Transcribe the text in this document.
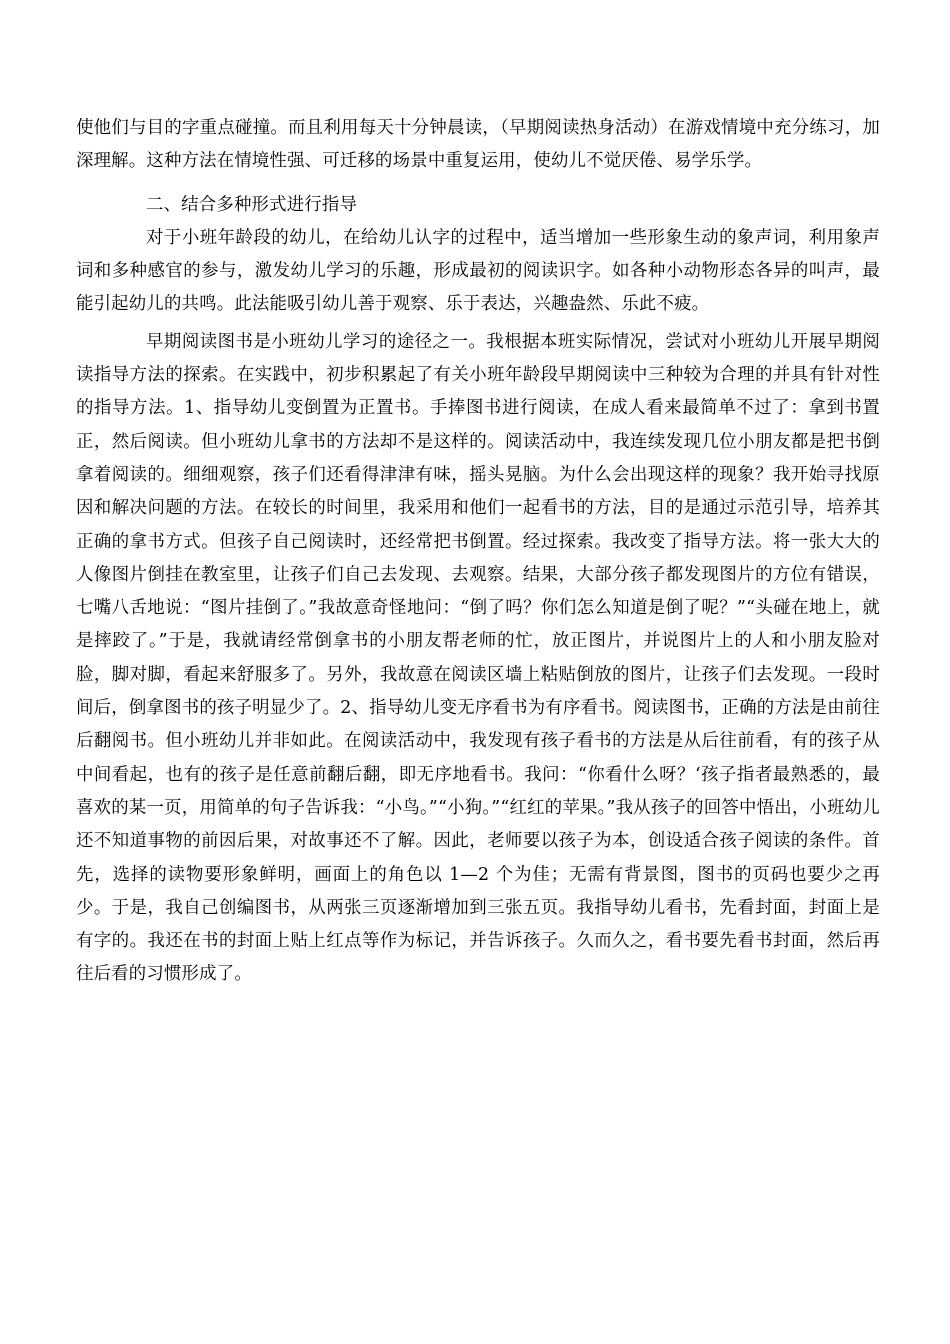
使他们与目的字重点碰撞。而且利用每天十分钟晨读，（早期阅读热身活动）在游戏情境中充分练习，加深理解。这种方法在情境性强、可迁移的场景中重复运用，使幼儿不觉厌倦、易学乐学。

二、结合多种形式进行指导

对于小班年龄段的幼儿，在给幼儿认字的过程中，适当增加一些形象生动的象声词，利用象声词和多种感官的参与，激发幼儿学习的乐趣，形成最初的阅读识字。如各种小动物形态各异的叫声，最能引起幼儿的共鸣。此法能吸引幼儿善于观察、乐于表达，兴趣盎然、乐此不疲。

早期阅读图书是小班幼儿学习的途径之一。我根据本班实际情况，尝试对小班幼儿开展早期阅读指导方法的探索。在实践中，初步积累起了有关小班年龄段早期阅读中三种较为合理的并具有针对性的指导方法。1、指导幼儿变倒置为正置书。手捧图书进行阅读，在成人看来最简单不过了：拿到书置正，然后阅读。但小班幼儿拿书的方法却不是这样的。阅读活动中，我连续发现几位小朋友都是把书倒拿着阅读的。细细观察，孩子们还看得津津有味，摇头晃脑。为什么会出现这样的现象？我开始寻找原因和解决问题的方法。在较长的时间里，我采用和他们一起看书的方法，目的是通过示范引导，培养其正确的拿书方式。但孩子自己阅读时，还经常把书倒置。经过探索。我改变了指导方法。将一张大大的人像图片倒挂在教室里，让孩子们自己去发现、去观察。结果，大部分孩子都发现图片的方位有错误，七嘴八舌地说：“图片挂倒了。”我故意奇怪地问：“倒了吗？你们怎么知道是倒了呢？”“头碰在地上，就是摔跤了。”于是，我就请经常倒拿书的小朋友帮老师的忙，放正图片，并说图片上的人和小朋友脸对脸，脚对脚，看起来舒服多了。另外，我故意在阅读区墙上粘贴倒放的图片，让孩子们去发现。一段时间后，倒拿图书的孩子明显少了。2、指导幼儿变无序看书为有序看书。阅读图书，正确的方法是由前往后翻阅书。但小班幼儿并非如此。在阅读活动中，我发现有孩子看书的方法是从后往前看，有的孩子从中间看起，也有的孩子是任意前翻后翻，即无序地看书。我问：“你看什么呀？‘孩子指者最熟悉的，最喜欢的某一页，用简单的句子告诉我：“小鸟。”“小狗。”“红红的苹果。”我从孩子的回答中悟出，小班幼儿还不知道事物的前因后果，对故事还不了解。因此，老师要以孩子为本，创设适合孩子阅读的条件。首先，选择的读物要形象鲜明，画面上的角色以 1—2 个为佳；无需有背景图，图书的页码也要少之再少。于是，我自己创编图书，从两张三页逐渐增加到三张五页。我指导幼儿看书，先看封面，封面上是有字的。我还在书的封面上贴上红点等作为标记，并告诉孩子。久而久之，看书要先看书封面，然后再往后看的习惯形成了。
